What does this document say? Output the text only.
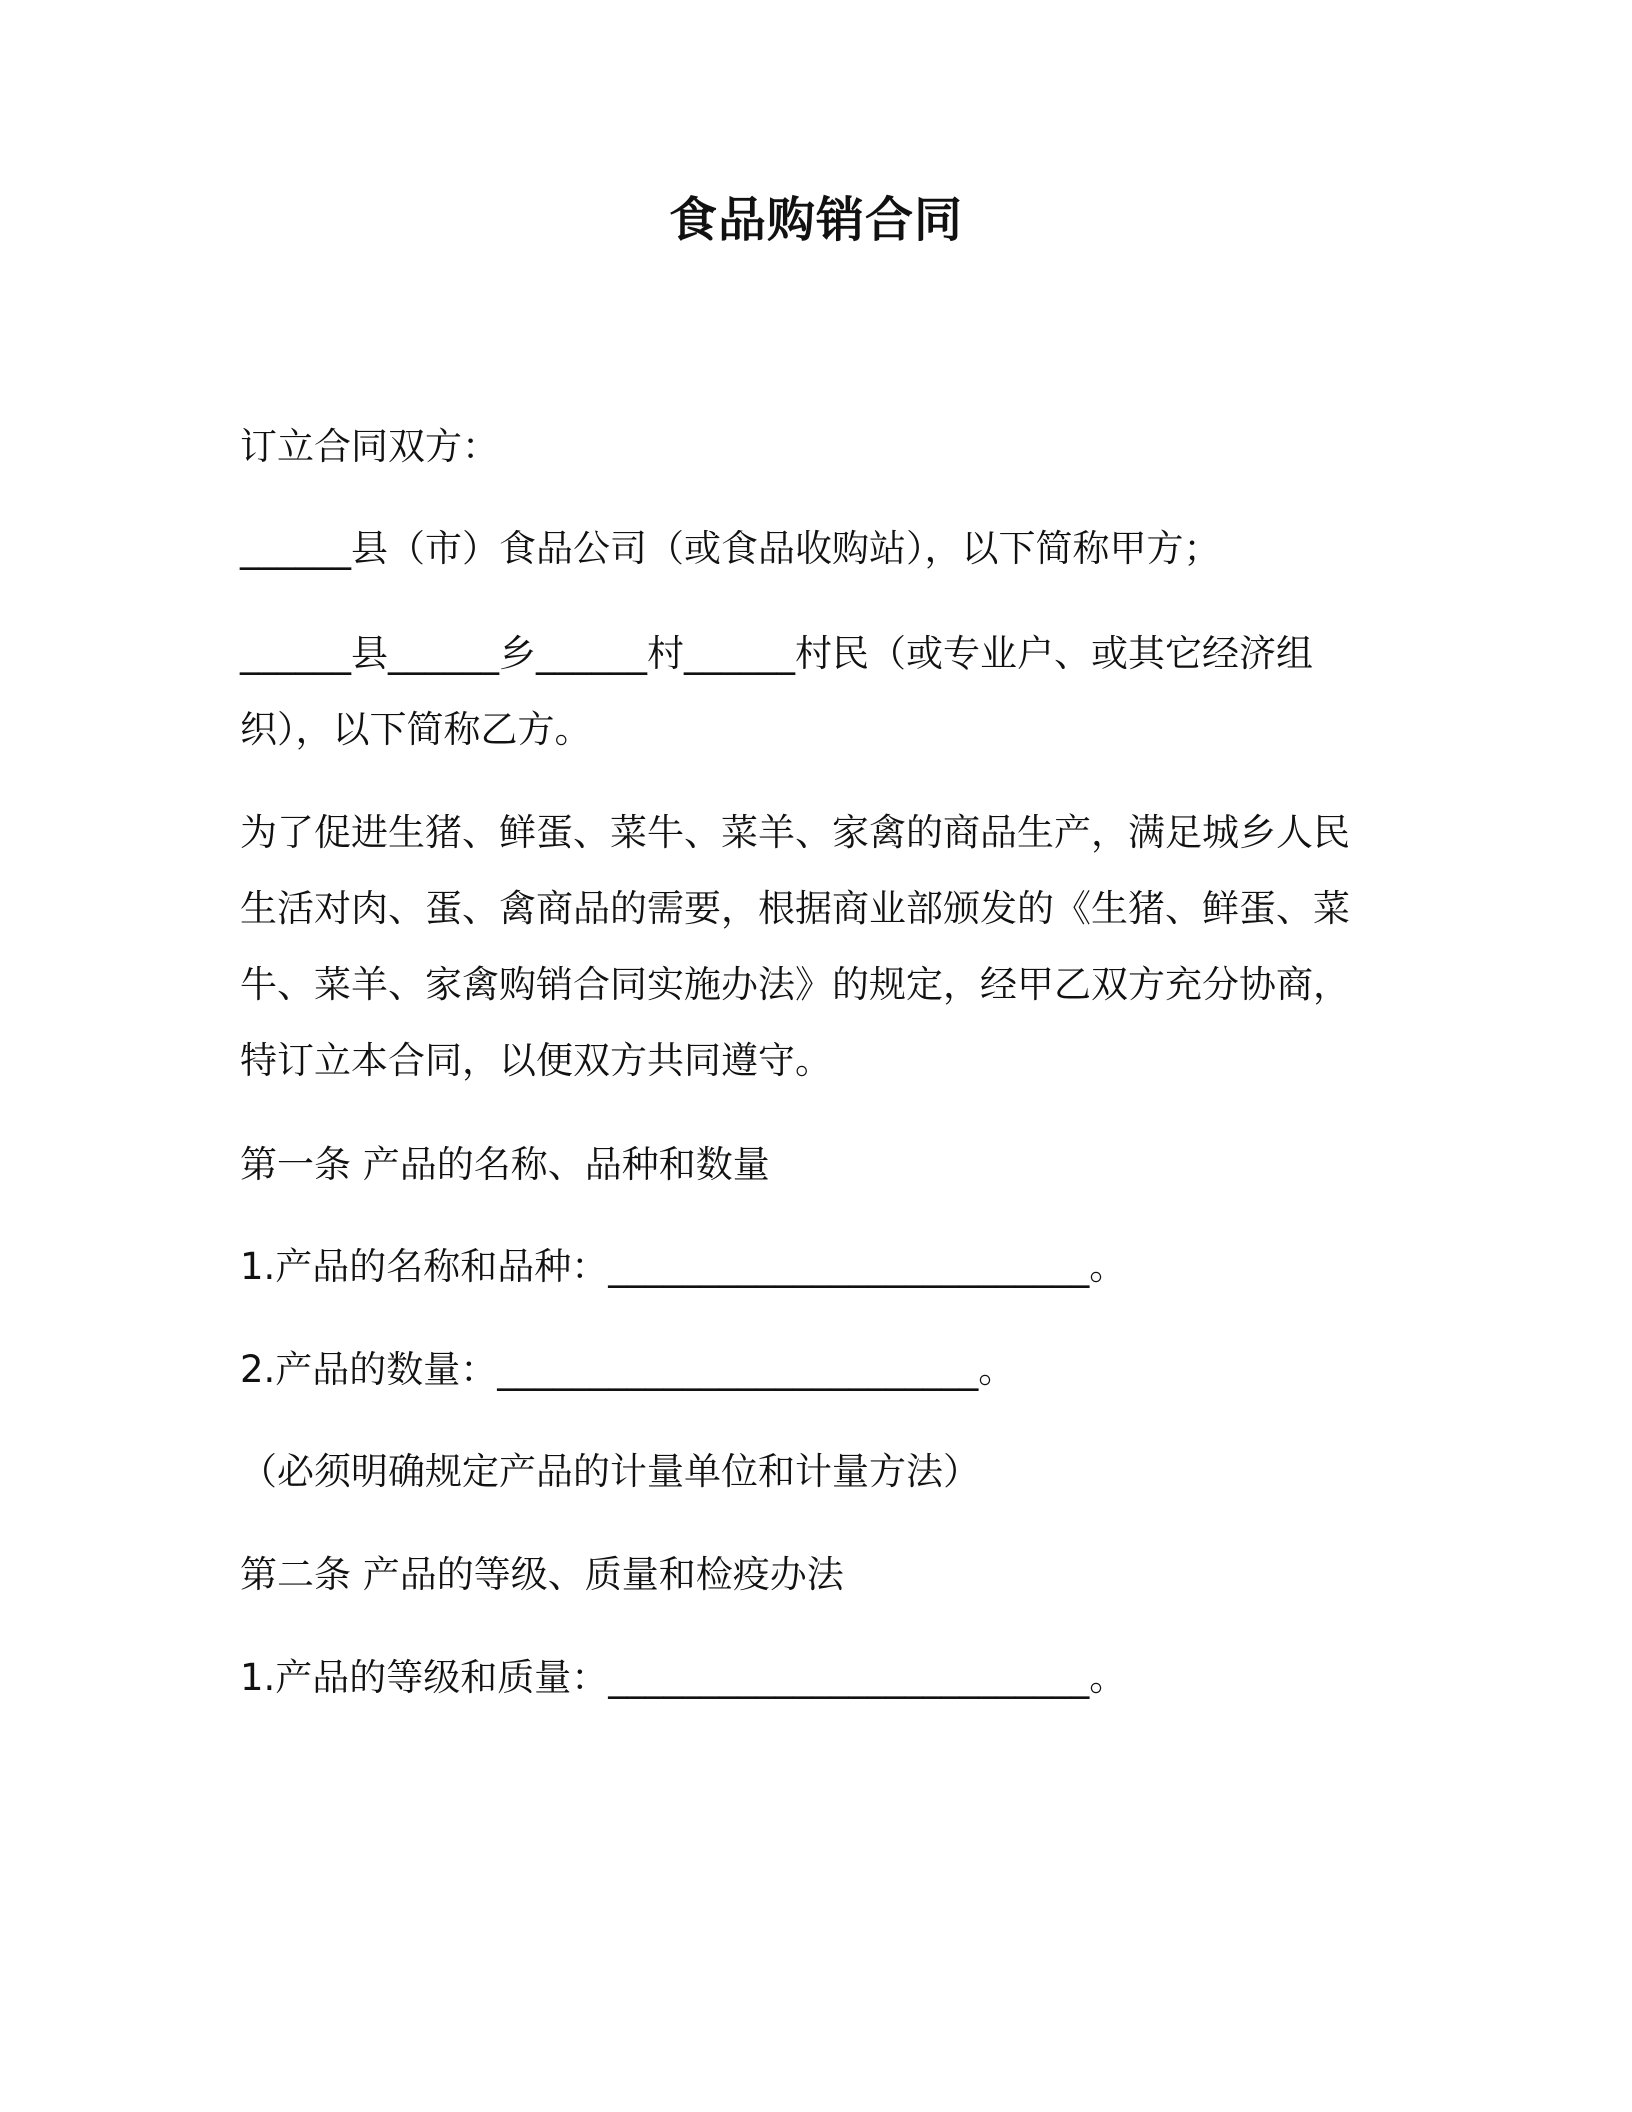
食品购销合同

订立合同双方：

______县（市）食品公司（或食品收购站），以下简称甲方；

______县______乡______村______村民（或专业户、或其它经济组织），以下简称乙方。

为了促进生猪、鲜蛋、菜牛、菜羊、家禽的商品生产，满足城乡人民生活对肉、蛋、禽商品的需要，根据商业部颁发的《生猪、鲜蛋、菜牛、菜羊、家禽购销合同实施办法》的规定，经甲乙双方充分协商，特订立本合同，以便双方共同遵守。

第一条 产品的名称、品种和数量

1.产品的名称和品种：__________________________。

2.产品的数量：__________________________。

（必须明确规定产品的计量单位和计量方法）

第二条 产品的等级、质量和检疫办法

1.产品的等级和质量：__________________________。
